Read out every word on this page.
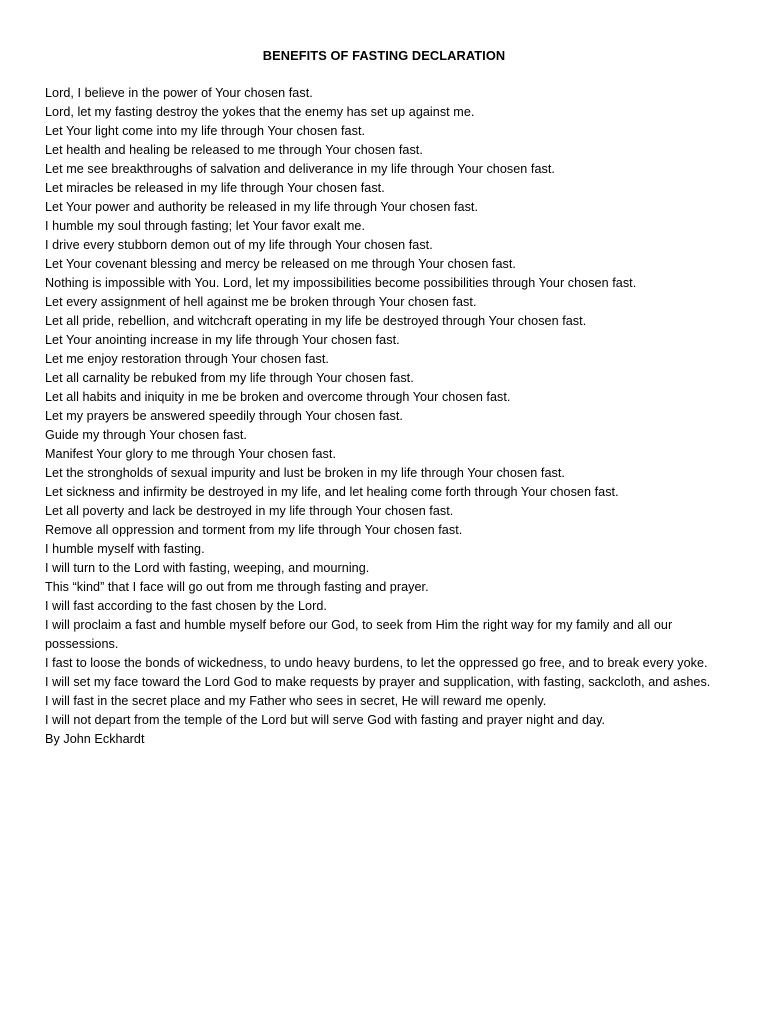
BENEFITS OF FASTING DECLARATION
Lord, I believe in the power of Your chosen fast.
Lord, let my fasting destroy the yokes that the enemy has set up against me.
Let Your light come into my life through Your chosen fast.
Let health and healing be released to me through Your chosen fast.
Let me see breakthroughs of salvation and deliverance in my life through Your chosen fast.
Let miracles be released in my life through Your chosen fast.
Let Your power and authority be released in my life through Your chosen fast.
I humble my soul through fasting; let Your favor exalt me.
I drive every stubborn demon out of my life through Your chosen fast.
Let Your covenant blessing and mercy be released on me through Your chosen fast.
Nothing is impossible with You. Lord, let my impossibilities become possibilities through Your chosen fast.
Let every assignment of hell against me be broken through Your chosen fast.
Let all pride, rebellion, and witchcraft operating in my life be destroyed through Your chosen fast.
Let Your anointing increase in my life through Your chosen fast.
Let me enjoy restoration through Your chosen fast.
Let all carnality be rebuked from my life through Your chosen fast.
Let all habits and iniquity in me be broken and overcome through Your chosen fast.
Let my prayers be answered speedily through Your chosen fast.
Guide my through Your chosen fast.
Manifest Your glory to me through Your chosen fast.
Let the strongholds of sexual impurity and lust be broken in my life through Your chosen fast.
Let sickness and infirmity be destroyed in my life, and let healing come forth through Your chosen fast.
Let all poverty and lack be destroyed in my life through Your chosen fast.
Remove all oppression and torment from my life through Your chosen fast.
I humble myself with fasting.
I will turn to the Lord with fasting, weeping, and mourning.
This “kind” that I face will go out from me through fasting and prayer.
I will fast according to the fast chosen by the Lord.
I will proclaim a fast and humble myself before our God, to seek from Him the right way for my family and all our possessions.
I fast to loose the bonds of wickedness, to undo heavy burdens, to let the oppressed go free, and to break every yoke.
I will set my face toward the Lord God to make requests by prayer and supplication, with fasting, sackcloth, and ashes.
I will fast in the secret place and my Father who sees in secret, He will reward me openly.
I will not depart from the temple of the Lord but will serve God with fasting and prayer night and day.
By John Eckhardt
